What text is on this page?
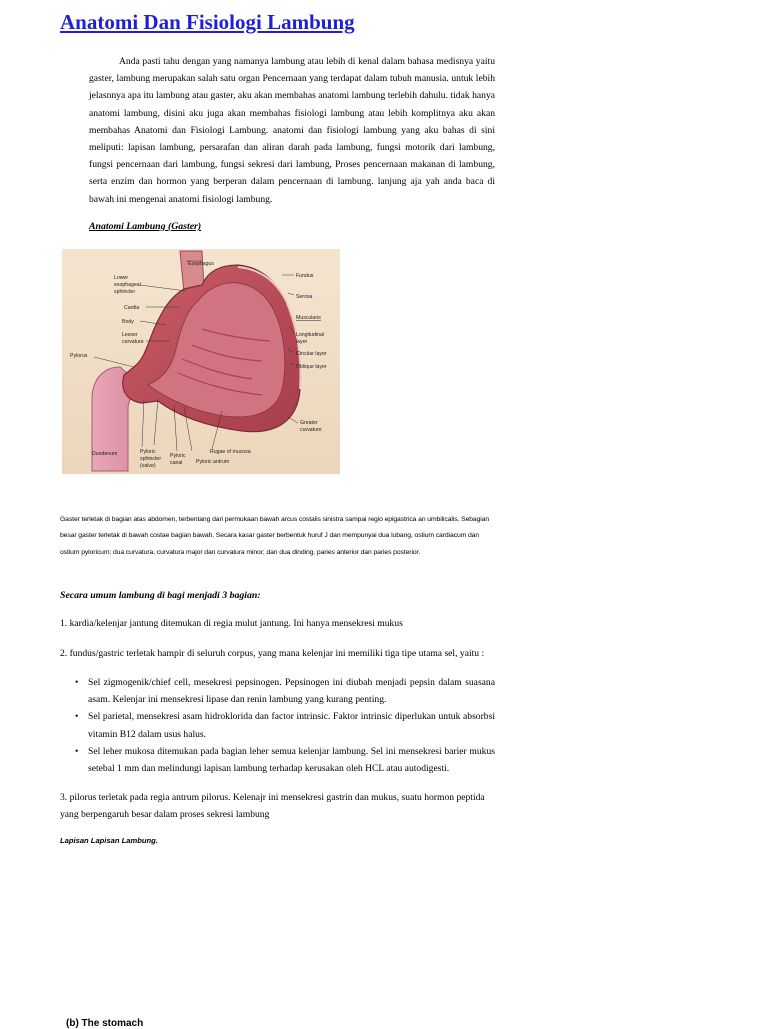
Anatomi Dan Fisiologi Lambung

Anda pasti tahu dengan yang namanya lambung atau lebih di kenal dalam bahasa medisnya yaitu gaster, lambung merupakan salah satu organ Pencernaan yang terdapat dalam tubuh manusia. untuk lebih jelasnnya apa itu lambung atau gaster, aku akan membahas anatomi lambung terlebih dahulu. tidak hanya anatomi lambung, disini aku juga akan membahas fisiologi lambung atau lebih komplitnya aku akan membahas Anatomi dan Fisiologi Lambung. anatomi dan fisiologi lambung yang aku bahas di sini meliputi: lapisan lambung, persarafan dan aliran darah pada lambung, fungsi motorik dari lambung, fungsi pencernaan dari lambung, fungsi sekresi dari lambung, Proses pencernaan makanan di lambung, serta enzim dan hormon yang berperan dalam pencernaan di lambung. lanjung aja yah anda baca di bawah ini mengenai anatomi fisiologi lambung.

Anatomi Lambung (Gaster)

Esophagus
Lower
esophageal
sphincter
Cardia
Body
Lesser
curvature
Pylorus
Fundus
Serosa
Muscularis
Longitudinal
layer
Circular layer
Oblique layer
Greater
curvature
Duodenum	Pyloric
sphincter
(valve)
Pyloric
canal
Rugae of mucosa
Pyloric antrum

Gaster terletak di bagian atas abdomen, terbentang dari permukaan bawah arcus costalis sinistra sampai regio epigastrica an umbilicalis. Sebagian besar gaster terletak di bawah costae bagian bawah. Secara kasar gaster berbentuk huruf J dan mempunyai dua lubang, ostium cardiacum dan ostium pyloricum; dua curvatura, curvatura major dan curvatura minor; dan dua dinding, paries anterior dan paries posterior.

Secara umum lambung di bagi menjadi 3 bagian:

1. kardia/kelenjar jantung ditemukan di regia mulut jantung. Ini hanya mensekresi mukus

2. fundus/gastric terletak hampir di seluruh corpus, yang mana kelenjar ini memiliki tiga tipe utama sel, yaitu :

• Sel zigmogenik/chief cell, mesekresi pepsinogen. Pepsinogen ini diubah menjadi pepsin dalam suasana asam. Kelenjar ini mensekresi lipase dan renin lambung yang kurang penting.
• Sel parietal, mensekresi asam hidroklorida dan factor intrinsic. Faktor intrinsic diperlukan untuk absorbsi vitamin B12 dalam usus halus.
• Sel leher mukosa ditemukan pada bagian leher semua kelenjar lambung. Sel ini mensekresi barier mukus setebal 1 mm dan melindungi lapisan lambung terhadap kerusakan oleh HCL atau autodigesti.

3. pilorus terletak pada regia antrum pilorus. Kelenajr ini mensekresi gastrin dan mukus, suatu hormon peptida yang berpengaruh besar dalam proses sekresi lambung

Lapisan Lapisan Lambung.

(b) The stomach
